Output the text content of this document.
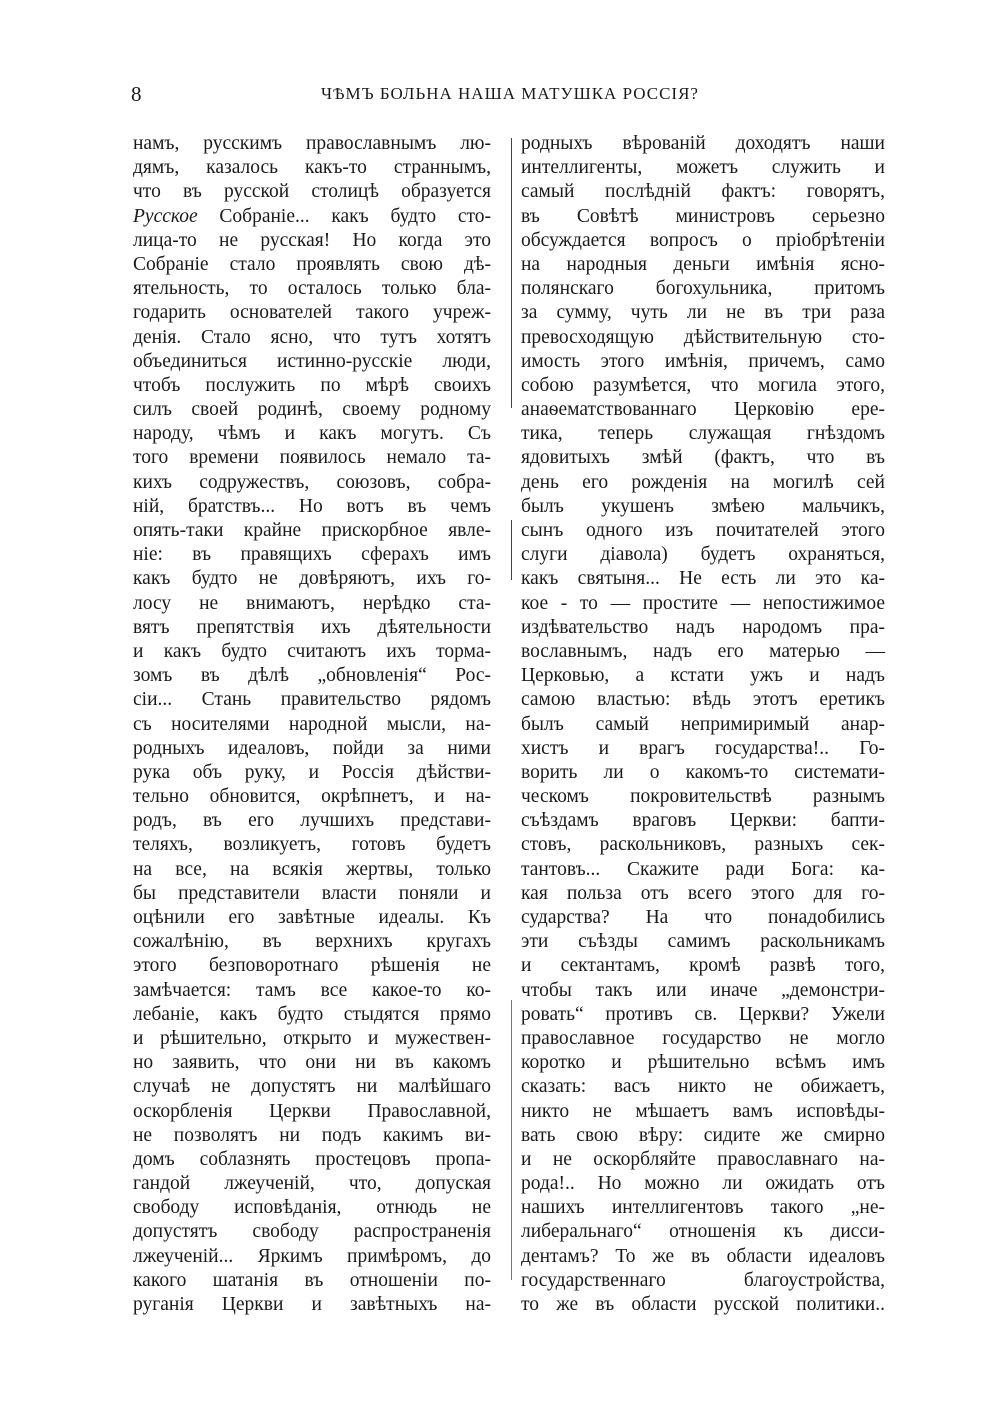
8	ЧѢМЪ БОЛЬНА НАША МАТУШКА РОССІЯ?
намъ, русскимъ православнымъ лю-
дямъ, казалось какъ-то страннымъ,
что въ русской столицѣ образуется
Русское Собраніе... какъ будто сто-
лица-то не русская! Но когда это
Собраніе стало проявлять свою дѣ-
ятельность, то осталось только бла-
годарить основателей такого учреж-
денія. Стало ясно, что тутъ хотятъ
объединиться истинно-русскіе люди,
чтобъ послужить по мѣрѣ своихъ
силъ своей родинѣ, своему родному
народу, чѣмъ и какъ могутъ. Съ
того времени появилось немало та-
кихъ содружествъ, союзовъ, собра-
ній, братствъ... Но вотъ въ чемъ
опять-таки крайне прискорбное явле-
ніе: въ правящихъ сферахъ имъ
какъ будто не довѣряютъ, ихъ го-
лосу не внимаютъ, нерѣдко ста-
вятъ препятствія ихъ дѣятельности
и какъ будто считаютъ ихъ торма-
зомъ въ дѣлѣ „обновленія“ Рос-
сіи... Стань правительство рядомъ
съ носителями народной мысли, на-
родныхъ идеаловъ, пойди за ними
рука объ руку, и Россія дѣйстви-
тельно обновится, окрѣпнетъ, и на-
родъ, въ его лучшихъ представи-
теляхъ, возликуетъ, готовъ будетъ
на все, на всякія жертвы, только
бы представители власти поняли и
оцѣнили его завѣтные идеалы. Къ
сожалѣнію, въ верхнихъ кругахъ
этого безповоротнаго рѣшенія не
замѣчается: тамъ все какое-то ко-
лебаніе, какъ будто стыдятся прямо
и рѣшительно, открыто и мужествен-
но заявить, что они ни въ какомъ
случаѣ не допустятъ ни малѣйшаго
оскорбленія Церкви Православной,
не позволятъ ни подъ какимъ ви-
домъ соблазнять простецовъ пропа-
гандой лжеученій, что, допуская
свободу исповѣданія, отнюдь не
допустятъ свободу распространенія
лжеученій... Яркимъ примѣромъ, до
какого шатанія въ отношеніи по-
руганія Церкви и завѣтныхъ на-
родныхъ вѣрованій доходятъ наши
интеллигенты, можетъ служить и
самый послѣдній фактъ: говорятъ,
въ Совѣтѣ министровъ серьезно
обсуждается вопросъ о пріобрѣтеніи
на народныя деньги имѣнія ясно-
полянскаго богохульника, притомъ
за сумму, чуть ли не въ три раза
превосходящую дѣйствительную сто-
имость этого имѣнія, причемъ, само
собою разумѣется, что могила этого,
анаѳематствованнаго Церковію ере-
тика, теперь служащая гнѣздомъ
ядовитыхъ змѣй (фактъ, что въ
день его рожденія на могилѣ сей
былъ укушенъ змѣею мальчикъ,
сынъ одного изъ почитателей этого
слуги діавола) будетъ охраняться,
какъ святыня... Не есть ли это ка-
кое - то — простите — непостижимое
издѣвательство надъ народомъ пра-
вославнымъ, надъ его матерью —
Церковью, а кстати ужъ и надъ
самою властью: вѣдь этотъ еретикъ
былъ самый непримиримый анар-
хистъ и врагъ государства!.. Го-
ворить ли о какомъ-то системати-
ческомъ покровительствѣ разнымъ
съѣздамъ враговъ Церкви: бапти-
стовъ, раскольниковъ, разныхъ сек-
тантовъ... Скажите ради Бога: ка-
кая польза отъ всего этого для го-
сударства? На что понадобились
эти съѣзды самимъ раскольникамъ
и сектантамъ, кромѣ развѣ того,
чтобы такъ или иначе „демонстри-
ровать“ противъ св. Церкви? Ужели
православное государство не могло
коротко и рѣшительно всѣмъ имъ
сказать: васъ никто не обижаетъ,
никто не мѣшаетъ вамъ исповѣды-
вать свою вѣру: сидите же смирно
и не оскорбляйте православнаго на-
рода!.. Но можно ли ожидать отъ
нашихъ интеллигентовъ такого „не-
либеральнаго“ отношенія къ дисси-
дентамъ? То же въ области идеаловъ
государственнаго благоустройства,
то же въ области русской политики..
